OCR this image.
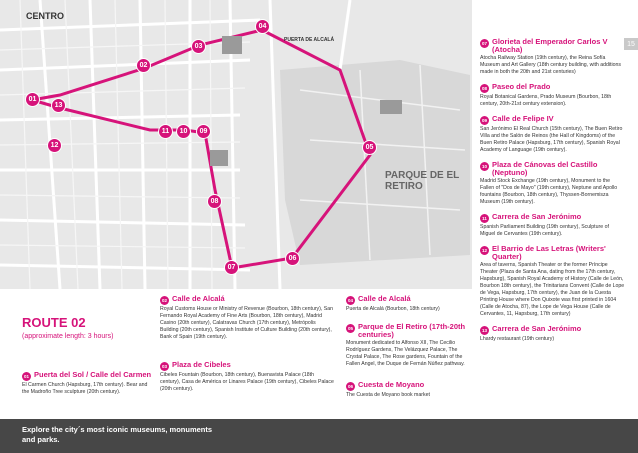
CENTRO
PARQUE DE EL RETIRO
PUERTA DE ALCALÁ
01
02
03
04
05
06
07
08
09
10
11
12
13
15
07 Glorieta del Emperador Carlos V (Atocha)
Atocha Railway Station (19th century), the Reina Sofía Museum and Art Gallery (18th century building, with additions made in both the 20th and 21st centuries)
08 Paseo del Prado
Royal Botanical Gardens, Prado Museum (Bourbon, 18th century, 20th-21st century extension).
09 Calle de Felipe IV
San Jerónimo El Real Church (15th century), The Buen Retiro Villa and the Salón de Reinos (the Hall of Kingdoms) of the Buen Retiro Palace (Hapsburg, 17th century), Spanish Royal Academy of Language (19th century).
10 Plaza de Cánovas del Castillo (Neptuno)
Madrid Stock Exchange (19th century), Monument to the Fallen of "Dos de Mayo" (19th century), Neptune and Apollo fountains (Bourbon, 18th century), Thyssen-Bornemisza Museum (19th century).
11 Carrera de San Jerónimo
Spanish Parliament Building (19th century), Sculpture of Miguel de Cervantes (19th century).
12 El Barrio de Las Letras (Writers' Quarter)
Area of taverns, Spanish Theater or the former Príncipe Theater (Plaza de Santa Ana, dating from the 17th century, Hapsburg), Spanish Royal Academy of History (Calle de León, Bourbon 18th century), the Trinitarians Convent (Calle de Lope de Vega, Hapsburg, 17th century), the Juan de la Cuesta Printing House where Don Quixote was first printed in 1604 (Calle de Atocha, 87), the Lope de Vega House (Calle de Cervantes, 11, Hapsburg, 17th century)
13 Carrera de San Jerónimo
Lhardy restaurant (19th century)
ROUTE 02
(approximate length: 3 hours)
01 Puerta del Sol / Calle del Carmen
El Carmen Church (Hapsburg, 17th century). Bear and the Madroño Tree sculpture (20th century).
02 Calle de Alcalá
Royal Customs House or Ministry of Revenue (Bourbon, 18th century), San Fernando Royal Academy of Fine Arts (Bourbon, 18th century), Madrid Casino (20th century), Calatravas Church (17th century), Metrópolis Building (20th century), Spanish Institute of Culture Building (20th century), Bank of Spain (19th century).
03 Plaza de Cibeles
Cibeles Fountain (Bourbon, 18th century), Buenavista Palace (18th century), Casa de América or Linares Palace (19th century), Cibeles Palace (20th century).
04 Calle de Alcalá
Puerta de Alcalá (Bourbon, 18th century)
05 Parque de El Retiro (17th-20th centuries)
Monument dedicated to Alfonso XII, The Cecilio Rodríguez Gardens, The Velázquez Palace, The Crystal Palace, The Rose gardens, Fountain of the Fallen Angel, the Duque de Fernán Núñez pathway.
06 Cuesta de Moyano
The Cuesta de Moyano book market
Explore the city´s most iconic museums, monuments and parks.
